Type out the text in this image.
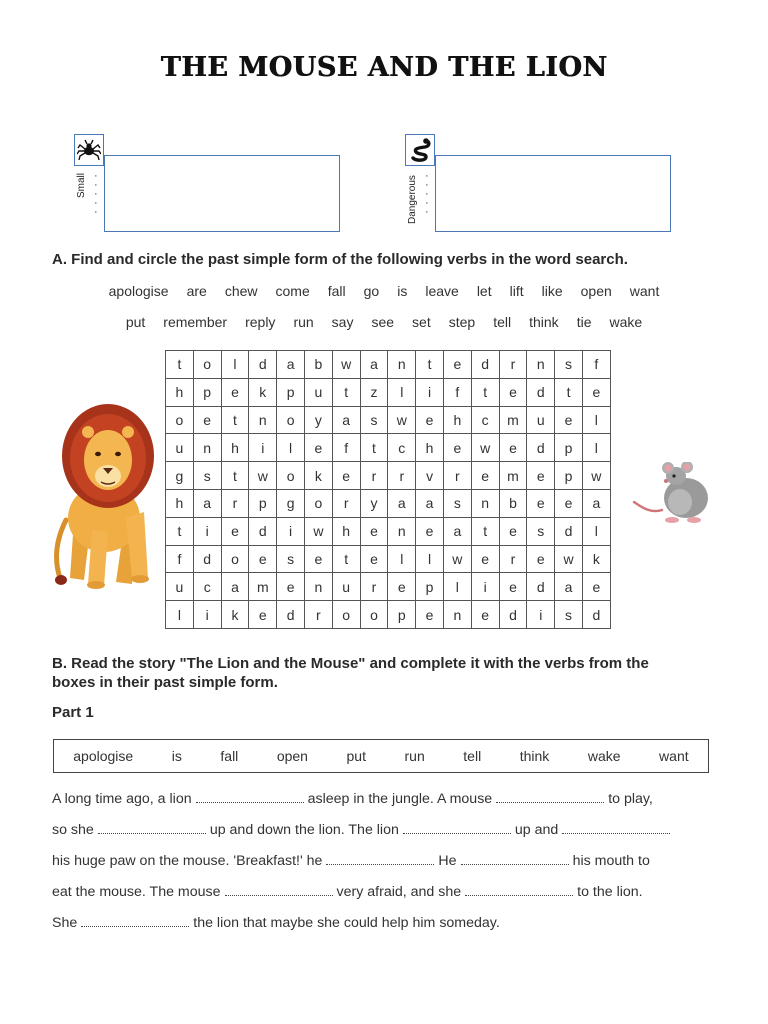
THE MOUSE AND THE LION
Small ·
·
·
·
·	Dangerous ·
·
·
·
·
A. Find and circle the past simple form of the following verbs in the word search.
apologise are chew come fall go is leave let lift like open want
put remember reply run say see set step tell think tie wake
t	o	l	d	a	b	w	a	n	t	e	d	r	n	s	f
h	p	e	k	p	u	t	z	l	i	f	t	e	d	t	e
o	e	t	n	o	y	a	s	w	e	h	c	m	u	e	l
u	n	h	i	l	e	f	t	c	h	e	w	e	d	p	l
g	s	t	w	o	k	e	r	r	v	r	e	m	e	p	w
h	a	r	p	g	o	r	y	a	a	s	n	b	e	e	a
t	i	e	d	i	w	h	e	n	e	a	t	e	s	d	l
f	d	o	e	s	e	t	e	l	l	w	e	r	e	w	k
u	c	a	m	e	n	u	r	e	p	l	i	e	d	a	e
l	i	k	e	d	r	o	o	p	e	n	e	d	i	s	d
B. Read the story "The Lion and the Mouse" and complete it with the verbs from the
boxes in their past simple form.
Part 1
apologise	is	fall	open	put	run	tell	think	wake	want
A long time ago, a lion	asleep in the jungle. A mouse	to play,
so she	up and down the lion. The lion	up and
his huge paw on the mouse. 'Breakfast!' he	He	his mouth to
eat the mouse. The mouse	very afraid, and she	to the lion.
She	the lion that maybe she could help him someday.
